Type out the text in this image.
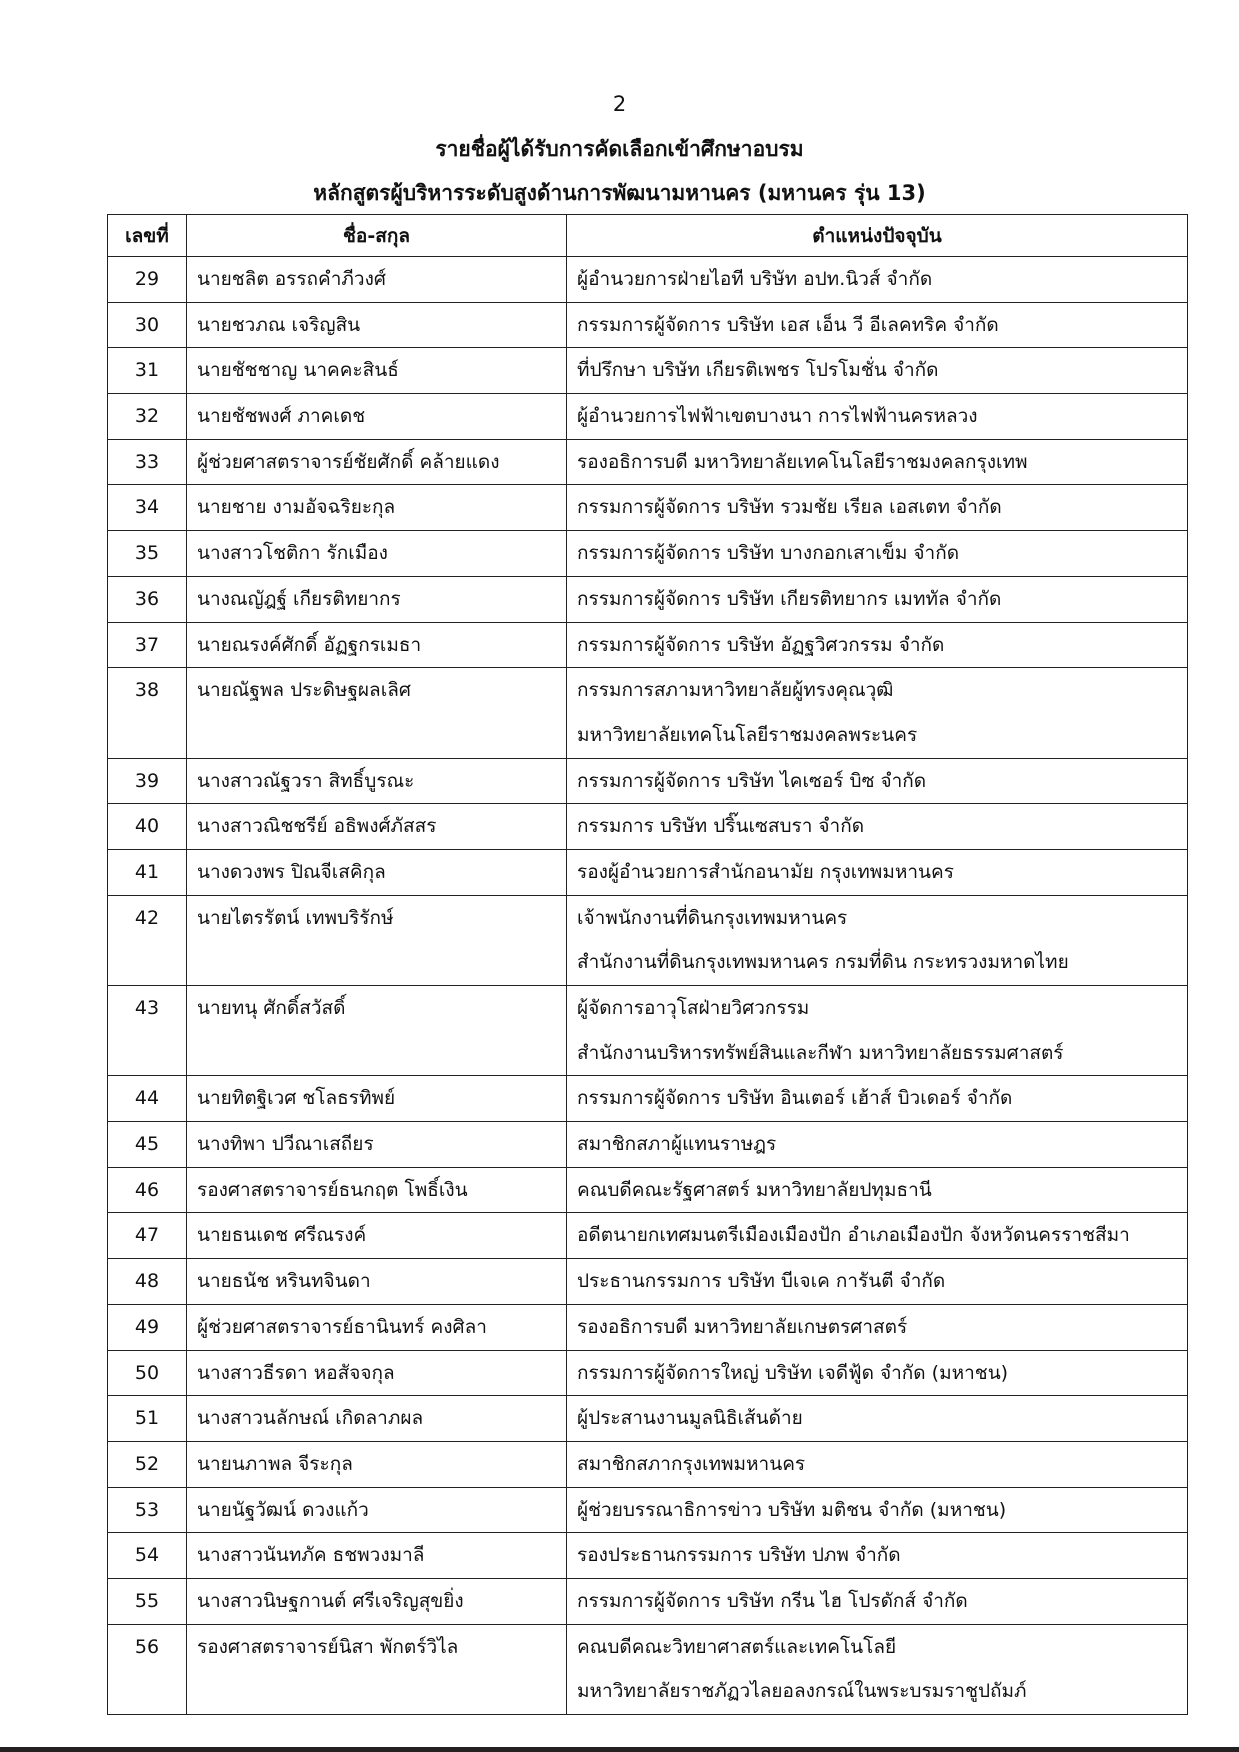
2
รายชื่อผู้ได้รับการคัดเลือกเข้าศึกษาอบรม
หลักสูตรผู้บริหารระดับสูงด้านการพัฒนามหานคร (มหานคร รุ่น 13)
เลขที่	ชื่อ-สกุล	ตำแหน่งปัจจุบัน

29	นายชลิต อรรถคำภีวงศ์	ผู้อำนวยการฝ่ายไอที บริษัท อปท.นิวส์ จำกัด

30	นายชวภณ เจริญสิน	กรรมการผู้จัดการ บริษัท เอส เอ็น วี อีเลคทริค จำกัด

31	นายชัชชาญ นาคคะสินธ์	ที่ปรึกษา บริษัท เกียรติเพชร โปรโมชั่น จำกัด

32	นายชัชพงศ์ ภาคเดช	ผู้อำนวยการไฟฟ้าเขตบางนา การไฟฟ้านครหลวง

33	ผู้ช่วยศาสตราจารย์ชัยศักดิ์ คล้ายแดง	รองอธิการบดี มหาวิทยาลัยเทคโนโลยีราชมงคลกรุงเทพ

34	นายชาย งามอัจฉริยะกุล	กรรมการผู้จัดการ บริษัท รวมชัย เรียล เอสเตท จำกัด

35	นางสาวโชติกา รักเมือง	กรรมการผู้จัดการ บริษัท บางกอกเสาเข็ม จำกัด

36	นางณญัฎฐ์ เกียรติทยากร	กรรมการผู้จัดการ บริษัท เกียรติทยากร เมททัล จำกัด

37	นายณรงค์ศักดิ์ อัฏฐกรเมธา	กรรมการผู้จัดการ บริษัท อัฏฐวิศวกรรม จำกัด

38	นายณัฐพล ประดิษฐผลเลิศ	กรรมการสภามหาวิทยาลัยผู้ทรงคุณวุฒิ
มหาวิทยาลัยเทคโนโลยีราชมงคลพระนคร

39	นางสาวณัฐวรา สิทธิ์บูรณะ	กรรมการผู้จัดการ บริษัท ไคเซอร์ บิซ จำกัด

40	นางสาวณิชชรีย์ อธิพงศ์ภัสสร	กรรมการ บริษัท ปริ๊นเซสบรา จำกัด

41	นางดวงพร ปิณจีเสคิกุล	รองผู้อำนวยการสำนักอนามัย กรุงเทพมหานคร

42	นายไตรรัตน์ เทพบริรักษ์	เจ้าพนักงานที่ดินกรุงเทพมหานคร
สำนักงานที่ดินกรุงเทพมหานคร กรมที่ดิน กระทรวงมหาดไทย

43	นายทนุ ศักดิ์สวัสดิ์	ผู้จัดการอาวุโสฝ่ายวิศวกรรม
สำนักงานบริหารทรัพย์สินและกีฬา มหาวิทยาลัยธรรมศาสตร์

44	นายทิตฐิเวศ ชโลธรทิพย์	กรรมการผู้จัดการ บริษัท อินเตอร์ เฮ้าส์ บิวเดอร์ จำกัด

45	นางทิพา ปวีณาเสถียร	สมาชิกสภาผู้แทนราษฎร

46	รองศาสตราจารย์ธนกฤต โพธิ์เงิน	คณบดีคณะรัฐศาสตร์ มหาวิทยาลัยปทุมธานี

47	นายธนเดช ศรีณรงค์	อดีตนายกเทศมนตรีเมืองเมืองปัก อำเภอเมืองปัก จังหวัดนครราชสีมา

48	นายธนัช หรินทจินดา	ประธานกรรมการ บริษัท บีเจเค การันตี จำกัด

49	ผู้ช่วยศาสตราจารย์ธานินทร์ คงศิลา	รองอธิการบดี มหาวิทยาลัยเกษตรศาสตร์

50	นางสาวธีรดา หอสัจจกุล	กรรมการผู้จัดการใหญ่ บริษัท เจดีฟู้ด จำกัด (มหาชน)

51	นางสาวนลักษณ์ เกิดลาภผล	ผู้ประสานงานมูลนิธิเส้นด้าย

52	นายนภาพล จีระกุล	สมาชิกสภากรุงเทพมหานคร

53	นายนัฐวัฒน์ ดวงแก้ว	ผู้ช่วยบรรณาธิการข่าว บริษัท มติชน จำกัด (มหาชน)

54	นางสาวนันทภัค ธชพวงมาลี	รองประธานกรรมการ บริษัท ปภพ จำกัด

55	นางสาวนิษฐกานต์ ศรีเจริญสุขยิ่ง	กรรมการผู้จัดการ บริษัท กรีน ไฮ โปรดักส์ จำกัด

56	รองศาสตราจารย์นิสา พักตร์วิไล	คณบดีคณะวิทยาศาสตร์และเทคโนโลยี
มหาวิทยาลัยราชภัฏวไลยอลงกรณ์ในพระบรมราชูปถัมภ์
